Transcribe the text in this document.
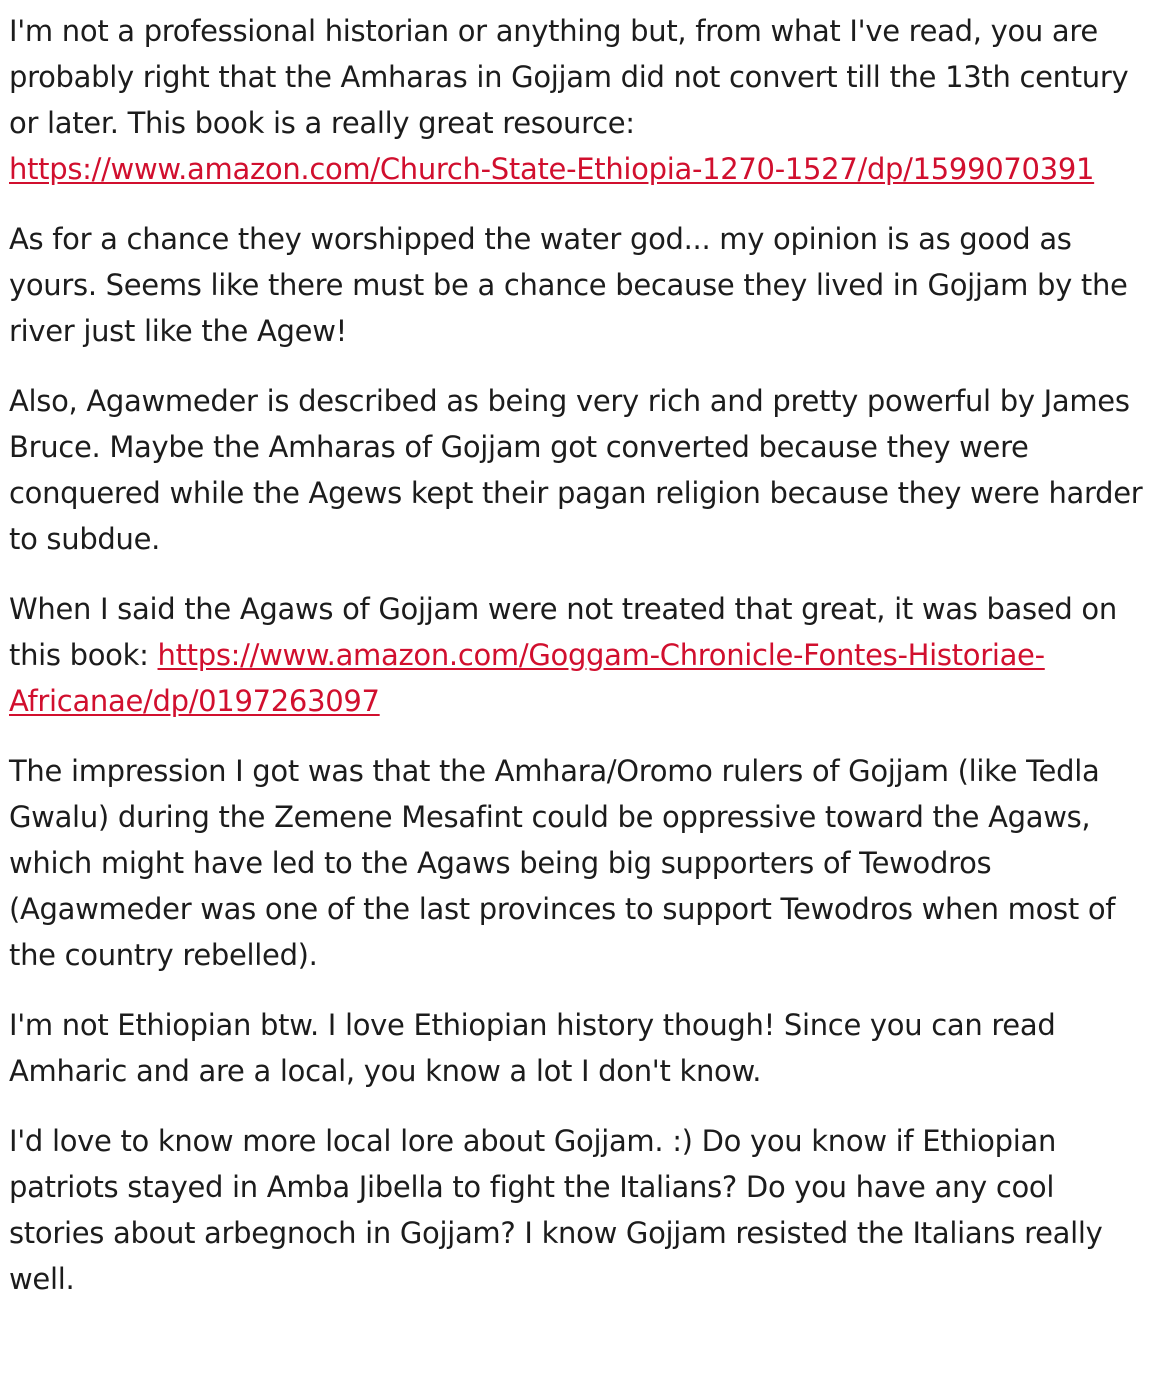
I'm not a professional historian or anything but, from what I've read, you are probably right that the Amharas in Gojjam did not convert till the 13th century or later. This book is a really great resource:
https://www.amazon.com/Church-State-Ethiopia-1270-1527/dp/1599070391

As for a chance they worshipped the water god... my opinion is as good as yours. Seems like there must be a chance because they lived in Gojjam by the river just like the Agew!

Also, Agawmeder is described as being very rich and pretty powerful by James Bruce. Maybe the Amharas of Gojjam got converted because they were conquered while the Agews kept their pagan religion because they were harder to subdue.

When I said the Agaws of Gojjam were not treated that great, it was based on this book: https://www.amazon.com/Goggam-Chronicle-Fontes-Historiae-Africanae/dp/0197263097

The impression I got was that the Amhara/Oromo rulers of Gojjam (like Tedla Gwalu) during the Zemene Mesafint could be oppressive toward the Agaws, which might have led to the Agaws being big supporters of Tewodros (Agawmeder was one of the last provinces to support Tewodros when most of the country rebelled).

I'm not Ethiopian btw. I love Ethiopian history though! Since you can read Amharic and are a local, you know a lot I don't know.

I'd love to know more local lore about Gojjam. :) Do you know if Ethiopian patriots stayed in Amba Jibella to fight the Italians? Do you have any cool stories about arbegnoch in Gojjam? I know Gojjam resisted the Italians really well.
